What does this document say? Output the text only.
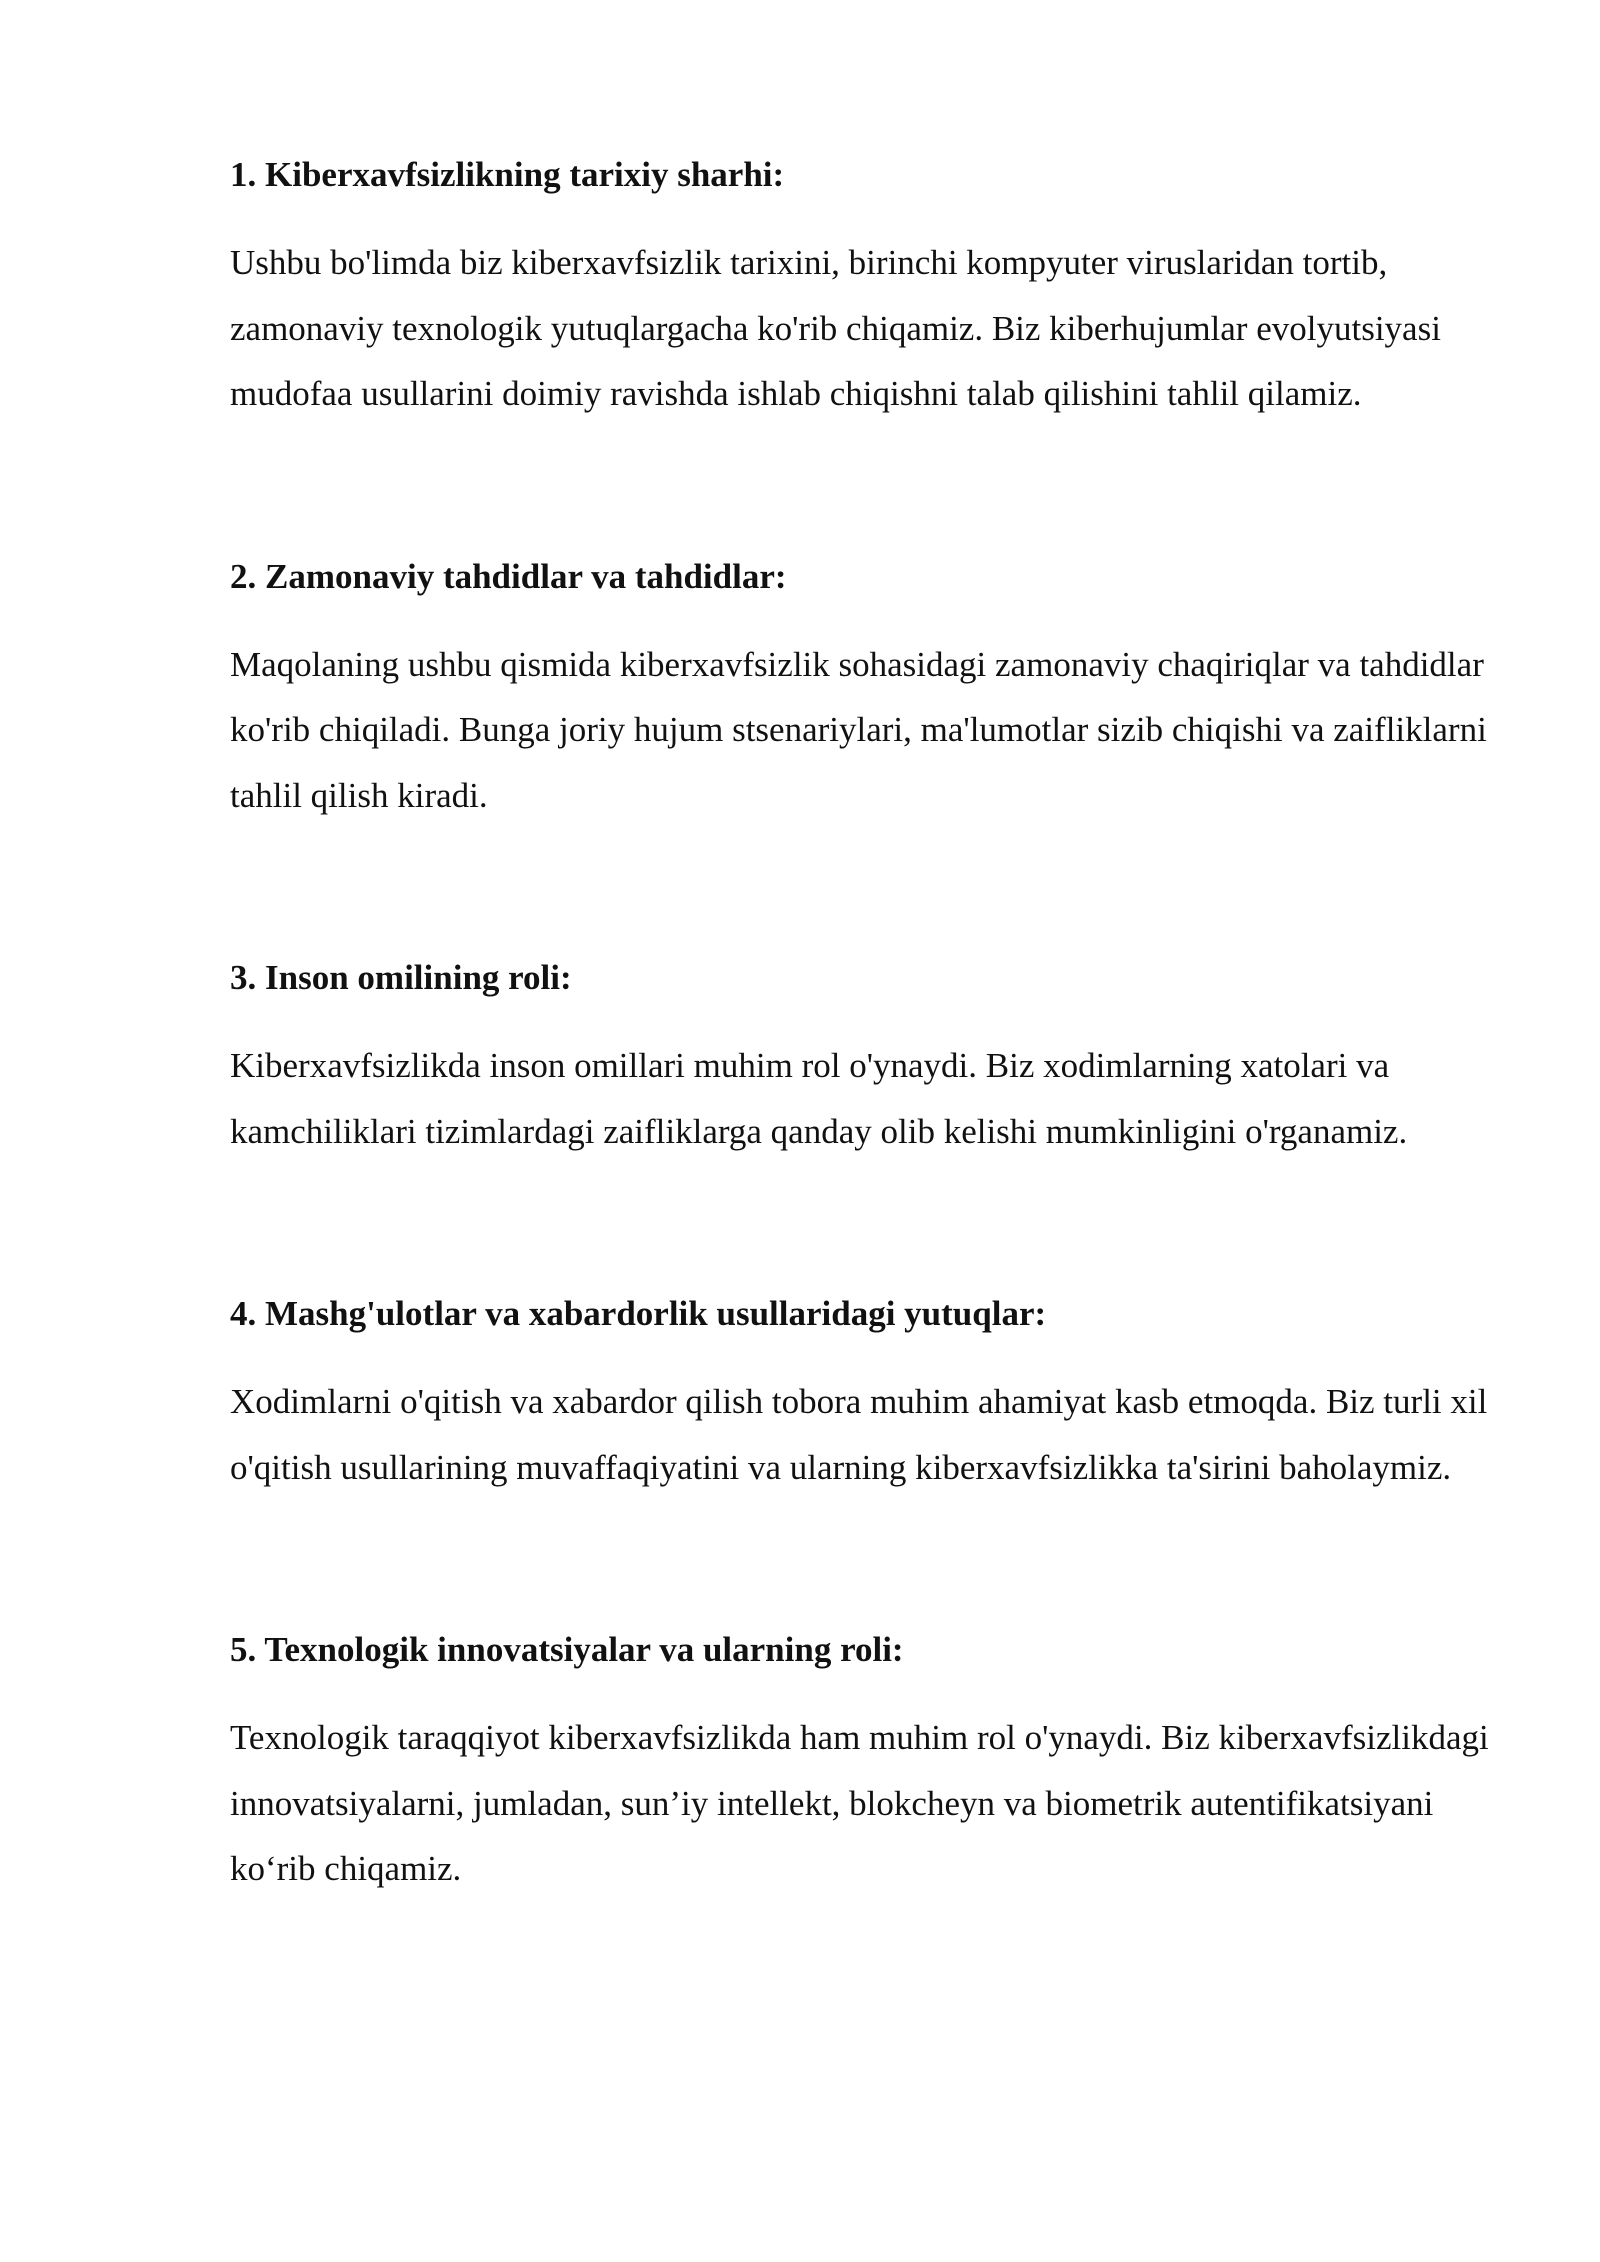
1. Kiberxavfsizlikning tarixiy sharhi:

Ushbu bo'limda biz kiberxavfsizlik tarixini, birinchi kompyuter viruslaridan tortib, zamonaviy texnologik yutuqlargacha ko'rib chiqamiz. Biz kiberhujumlar evolyutsiyasi mudofaa usullarini doimiy ravishda ishlab chiqishni talab qilishini tahlil qilamiz.

2. Zamonaviy tahdidlar va tahdidlar:

Maqolaning ushbu qismida kiberxavfsizlik sohasidagi zamonaviy chaqiriqlar va tahdidlar ko'rib chiqiladi. Bunga joriy hujum stsenariylari, ma'lumotlar sizib chiqishi va zaifliklarni tahlil qilish kiradi.

3. Inson omilining roli:

Kiberxavfsizlikda inson omillari muhim rol o'ynaydi. Biz xodimlarning xatolari va kamchiliklari tizimlardagi zaifliklarga qanday olib kelishi mumkinligini o'rganamiz.

4. Mashg'ulotlar va xabardorlik usullaridagi yutuqlar:

Xodimlarni o'qitish va xabardor qilish tobora muhim ahamiyat kasb etmoqda. Biz turli xil o'qitish usullarining muvaffaqiyatini va ularning kiberxavfsizlikka ta'sirini baholaymiz.

5. Texnologik innovatsiyalar va ularning roli:

Texnologik taraqqiyot kiberxavfsizlikda ham muhim rol o'ynaydi. Biz kiberxavfsizlikdagi innovatsiyalarni, jumladan, sun’iy intellekt, blokcheyn va biometrik autentifikatsiyani ko‘rib chiqamiz.
